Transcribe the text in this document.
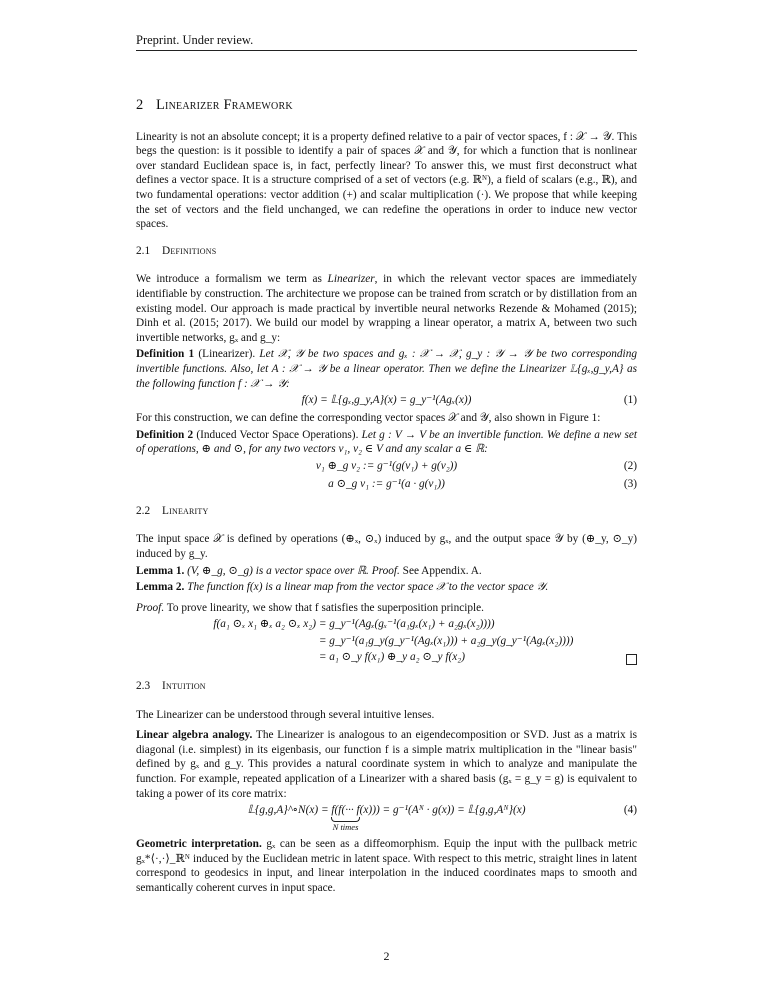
Preprint. Under review.
2 Linearizer Framework

Linearity is not an absolute concept; it is a property defined relative to a pair of vector spaces, f : 𝒳 → 𝒴. This begs the question: is it possible to identify a pair of spaces 𝒳 and 𝒴, for which a function that is nonlinear over standard Euclidean space is, in fact, perfectly linear? To answer this, we must first deconstruct what defines a vector space. It is a structure comprised of a set of vectors (e.g. ℝᴺ), a field of scalars (e.g., ℝ), and two fundamental operations: vector addition (+) and scalar multiplication (·). We propose that while keeping the set of vectors and the field unchanged, we can redefine the operations in order to induce new vector spaces.

2.1 Definitions

We introduce a formalism we term as Linearizer, in which the relevant vector spaces are immediately identifiable by construction. The architecture we propose can be trained from scratch or by distillation from an existing model. Our approach is made practical by invertible neural networks Rezende & Mohamed (2015); Dinh et al. (2015; 2017). We build our model by wrapping a linear operator, a matrix A, between two such invertible networks, gₓ and g_y:

Definition 1 (Linearizer). Let 𝒳, 𝒴 be two spaces and gₓ : 𝒳 → 𝒳, g_y : 𝒴 → 𝒴 be two corresponding invertible functions. Also, let A : 𝒳 → 𝒴 be a linear operator. Then we define the Linearizer 𝕃{gₓ,g_y,A} as the following function f : 𝒳 → 𝒴:

f(x) = 𝕃{gₓ,g_y,A}(x) = g_y⁻¹(Agₓ(x))	(1)

For this construction, we can define the corresponding vector spaces 𝒳 and 𝒴, also shown in Figure 1:

Definition 2 (Induced Vector Space Operations). Let g : V → V be an invertible function. We define a new set of operations, ⊕ and ⊙, for any two vectors v₁, v₂ ∈ V and any scalar a ∈ ℝ:

v₁ ⊕_g v₂ := g⁻¹(g(v₁) + g(v₂))	(2)
a ⊙_g v₁ := g⁻¹(a · g(v₁))	(3)
2.2 Linearity

The input space 𝒳 is defined by operations (⊕ₓ, ⊙ₓ) induced by gₓ, and the output space 𝒴 by (⊕_y, ⊙_y) induced by g_y.

Lemma 1. (V, ⊕_g, ⊙_g) is a vector space over ℝ. Proof. See Appendix. A.

Lemma 2. The function f(x) is a linear map from the vector space 𝒳 to the vector space 𝒴.

Proof. To prove linearity, we show that f satisfies the superposition principle.

f(a₁ ⊙ₓ x₁ ⊕ₓ a₂ ⊙ₓ x₂) = g_y⁻¹(Agₓ(gₓ⁻¹(a₁gₓ(x₁) + a₂gₓ(x₂))))
= g_y⁻¹(a₁g_y(g_y⁻¹(Agₓ(x₁))) + a₂g_y(g_y⁻¹(Agₓ(x₂))))
= a₁ ⊙_y f(x₁) ⊕_y a₂ ⊙_y f(x₂)
2.3 Intuition

The Linearizer can be understood through several intuitive lenses.

Linear algebra analogy. The Linearizer is analogous to an eigendecomposition or SVD. Just as a matrix is diagonal (i.e. simplest) in its eigenbasis, our function f is a simple matrix multiplication in the "linear basis" defined by gₓ and g_y. This provides a natural coordinate system in which to analyze and manipulate the function. For example, repeated application of a Linearizer with a shared basis (gₓ = g_y = g) is equivalent to taking a power of its core matrix:

𝕃{g,g,A}^∘N(x) = f(f(··· f
N times
(x))) = g⁻¹(Aᴺ · g(x)) = 𝕃{g,g,Aᴺ}(x)	(4)

Geometric interpretation. gₓ can be seen as a diffeomorphism. Equip the input with the pullback metric gₓ*⟨·,·⟩_ℝᴺ induced by the Euclidean metric in latent space. With respect to this metric, straight lines in latent correspond to geodesics in input, and linear interpolation in the induced coordinates maps to smooth and semantically coherent curves in input space.

2
